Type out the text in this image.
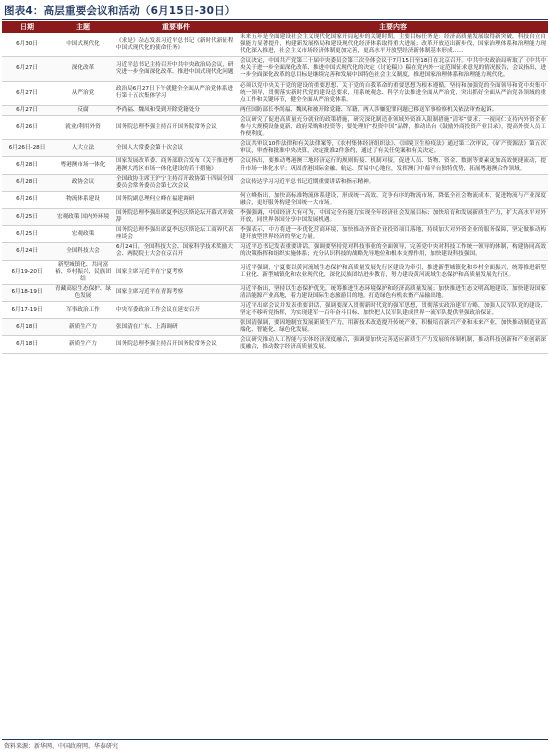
图表4：高层重要会议和活动（6月15日-30日）
日期	主题	重要事件	主要内容
6月30日	中国式现代化	《求是》杂志发表习近平总书记《新时代新征程中国式现代化的使命任务》	未来五年是全面建设社会主义现代化国家开局起步的关键时期，主要目标任务是：经济高质量发展取得新突破，科技自立自强能力显著提升，构建新发展格局和建设现代化经济体系取得重大进展；改革开放迈出新步伐，国家治理体系和治理能力现代化深入推进，社会主义市场经济体制更加完善，更高水平开放型经济新体制基本形成……
6月27日	深化改革	习近平总书记主持召开中共中央政治局会议，研究进一步全面深化改革、推进中国式现代化问题	会议决定，中国共产党第二十届中央委员会第三次全体会议于7月15日至18日在北京召开。中共中央政治局听取了《中共中央关于进一步全面深化改革、推进中国式现代化的决定（讨论稿）》稿在党内外一定范围征求意见的情况报告，会议指出，进一步全面深化改革的总目标是继续完善和发展中国特色社会主义制度，推进国家治理体系和治理能力现代化。
6月27日	从严治党	政治局6月27日下午就健全全面从严治党体系进行第十五次集体学习	必须以党中央关于党的建设的重要思想、关于党的自我革命的重要思想为根本遵循，坚持和加强党的全面领导和党中央集中统一领导，贯彻落实新时代党的建设总要求，用系统观念、科学方法推进全面从严治党，突出抓好全面从严治党各领域的重点工作和关键环节，健全全面从严治党体系。
6月27日	反腐	李尚福、魏凤和受到开除党籍处分	两任国防部长李尚福、魏凤和被开除党籍、军籍，两人涉嫌犯罪问题已移送军事检察机关依法审查起诉。
6月26日	就业/利用外资	国务院总理李强主持召开国务院常务会议	会议研究了促进高质量充分就业的政策措施，研究深化制造业领域外资准入限制措施“清零”要求；一视同仁支持内外资企业参与大规模设备更新、政府采购和投资等；要处理好“投资中国”品牌，推动出台《鼓励外商投资产业目录》，提高外资人员工作便利度。
6月26日-28日	人大立法	全国人大常委会第十次会议	会议共审议10件法律和有关法律案等，《农村集体经济组织法》、《国境卫生检疫法》通过第二次审议，《矿产资源法》第五次审议，审查和批准中央决算，决定批准2件条约，通过了有关任免案和有关决定。
6月28日	粤港澳市场一体化	国家发展改革委、商务部联合发布《关于推进粤港澳大湾区市场一体化建设的若干措施》	会议指出，要推动粤港澳三地经济运行的规则衔接、机制对接，促进人员、货物、资金、数据等要素更加高效便捷流动，提升市场一体化水平；巩固香港国际金融、航运、贸易中心地位，发挥澳门中葡平台独特优势，拓展粤港澳合作领域。
6月28日	政协会议	全国政协主席王沪宁主持召开政协第十四届全国委员会常务委员会第七次会议	会议传达学习习近平总书记近期重要讲话和指示精神。
6月26日	物流体系建设	国务院副总理何立峰在福建调研	何立峰指出，加快高标准物流体系建设，形成统一高效、竞争有序的物流市场，降低全社会物流成本，促进物流与产业深度融合，更好服务构建全国统一大市场。
6月25日	宏观政策 国内外环境	国务院总理李强出席夏季达沃斯论坛开幕式并致辞	李强强调，中国经济大有可为，中国完全有能力实现全年经济社会发展目标；加快培育和发展新质生产力，扩大高水平对外开放，同世界各国分享中国发展机遇。
6月25日	宏观政策	国务院总理李强出席夏季达沃斯论坛工商界代表座谈会	李强表示，中方将进一步优化营商环境，加快推动外资企业投资项目落地，持续加大对外资企业的服务保障，坚定做推动构建开放型世界经济的坚定力量。
6月24日	全国科技大会	6月24日，全国科技大会、国家科学技术奖励大会、两院院士大会在京召开	习近平总书记发表重要讲话，强调要坚持党对科技事业的全面领导，完善党中央对科技工作统一领导的体制，构建协同高效的决策指挥和组织实施体系；充分认识科技的战略先导地位和根本支撑作用，加快建设科技强国。
6月19-20日	新型城镇化、共同富裕、乡村振兴、民族团结	国家主席习近平在宁夏考察	习近平强调，宁夏要以黄河流域生态保护和高质量发展先行区建设为牵引，推进新型城镇化和乡村全面振兴，统筹推进新型工业化、新型城镇化和农业现代化，深化民族团结进步教育，努力建设黄河流域生态保护和高质量发展先行区。
6月18-19日	青藏高原生态保护、绿色发展	国家主席习近平在青海考察	习近平指出，坚持以生态保护优先，统筹推进生态环境保护和经济高质量发展；加快推进生态文明高地建设，加快建设国家清洁能源产业高地，着力建设国际生态旅游目的地，打造绿色有机农畜产品输出地。
6月17-19日	军事政治工作	中央军委政治工作会议在延安召开	习近平出席会议并发表重要讲话，强调要深入贯彻新时代党的强军思想，贯彻落实政治建军方略，加强人民军队党的建设，坚定不移听党指挥，为实现建军一百年奋斗目标、加快把人民军队建成世界一流军队提供坚强政治保证。
6月18日	新质生产力	张国清在广东、上海调研	张国清强调，要因地制宜发展新质生产力，用新技术改造提升传统产业，积极培育新兴产业和未来产业，加快推动制造业高端化、智能化、绿色化发展。
6月18日	新质生产力	国务院总理李强主持召开国务院常务会议	会议研究推动人工智能与实体经济深度融合，强调要加快完善适应新质生产力发展的体制机制，推动科技创新和产业创新深度融合，推动数字经济高质量发展。
资料来源：新华网、中国政府网、华泰研究
